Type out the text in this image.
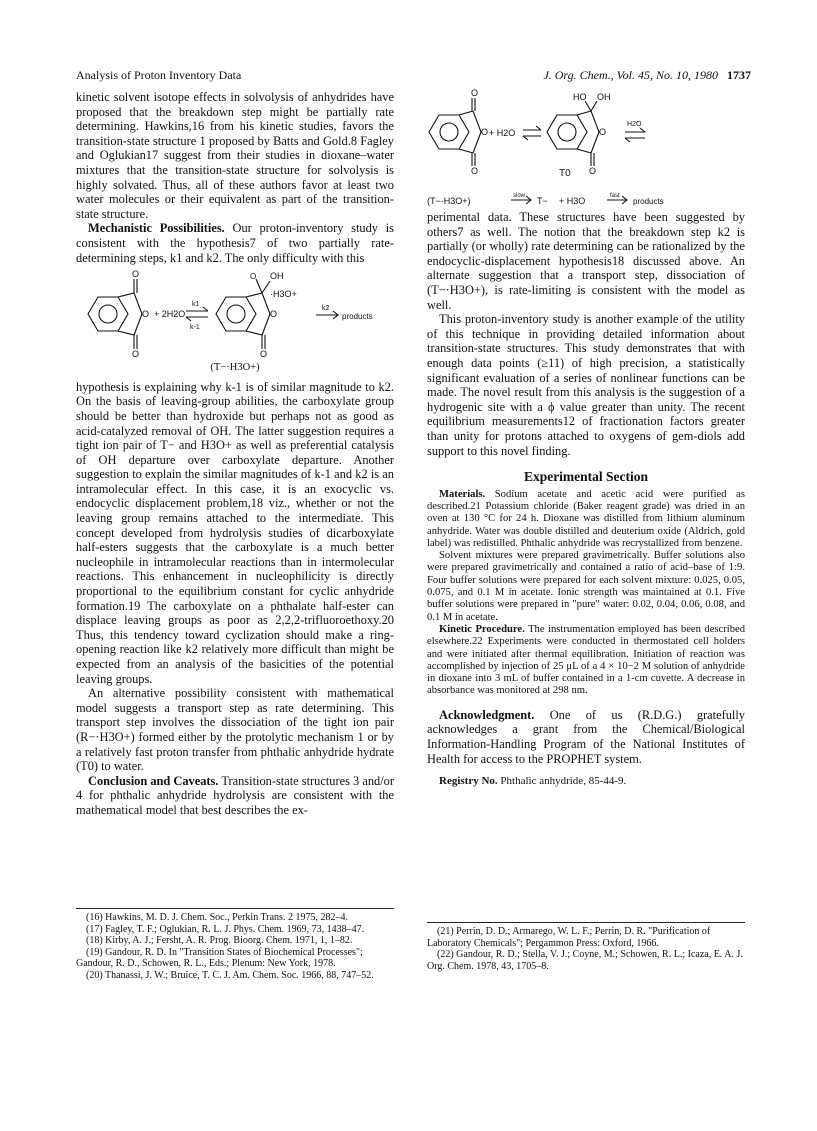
Analysis of Proton Inventory Data	J. Org. Chem., Vol. 45, No. 10, 1980 1737

kinetic solvent isotope effects in solvolysis of anhydrides have proposed that the breakdown step might be partially rate determining. Hawkins,16 from his kinetic studies, favors the transition-state structure 1 proposed by Batts and Gold.8 Fagley and Oglukian17 suggest from their studies in dioxane–water mixtures that the transition-state structure for solvolysis is highly solvated. Thus, all of these authors favor at least two water molecules or their equivalent as part of the transition-state structure.

Mechanistic Possibilities. Our proton-inventory study is consistent with the hypothesis7 of two partially rate-determining steps, k1 and k2. The only difficulty with this

O
O
O + 2H2O
k1
k-1
O OH
·H3O+
O
O
k2
products
(T−·H3O+)

hypothesis is explaining why k-1 is of similar magnitude to k2. On the basis of leaving-group abilities, the carboxylate group should be better than hydroxide but perhaps not as good as acid-catalyzed removal of OH. The latter suggestion requires a tight ion pair of T− and H3O+ as well as preferential catalysis of OH departure over carboxylate departure. Another suggestion to explain the similar magnitudes of k-1 and k2 is an intramolecular effect. In this case, it is an exocyclic vs. endocyclic displacement problem,18 viz., whether or not the leaving group remains attached to the intermediate. This concept developed from hydrolysis studies of dicarboxylate half-esters suggests that the carboxylate is a much better nucleophile in intramolecular reactions than in intermolecular reactions. This enhancement in nucleophilicity is directly proportional to the equilibrium constant for cyclic anhydride formation.19 The carboxylate on a phthalate half-ester can displace leaving groups as poor as 2,2,2-trifluoroethoxy.20 Thus, this tendency toward cyclization should make a ring-opening reaction like k2 relatively more difficult than might be expected from an analysis of the basicities of the potential leaving groups.

An alternative possibility consistent with mathematical model suggests a transport step as rate determining. This transport step involves the dissociation of the tight ion pair (R−·H3O+) formed either by the protolytic mechanism 1 or by a relatively fast proton transfer from phthalic anhydride hydrate (T0) to water.

Conclusion and Caveats. Transition-state structures 3 and/or 4 for phthalic anhydride hydrolysis are consistent with the mathematical model that best describes the ex-

O
O
O + H2O
HO OH
O
O
H2O
T0
(T−·H3O+)	slow T− + H3O	fast
products

perimental data. These structures have been suggested by others7 as well. The notion that the breakdown step k2 is partially (or wholly) rate determining can be rationalized by the endocyclic-displacement hypothesis18 discussed above. An alternate suggestion that a transport step, dissociation of (T−·H3O+), is rate-limiting is consistent with the model as well.

This proton-inventory study is another example of the utility of this technique in providing detailed information about transition-state structures. This study demonstrates that with enough data points (≥11) of high precision, a statistically significant evaluation of a series of nonlinear functions can be made. The novel result from this analysis is the suggestion of a hydrogenic site with a ϕ value greater than unity. The recent equilibrium measurements12 of fractionation factors greater than unity for protons attached to oxygens of gem-diols add support to this novel finding.

Experimental Section

Materials. Sodium acetate and acetic acid were purified as described.21 Potassium chloride (Baker reagent grade) was dried in an oven at 130 °C for 24 h. Dioxane was distilled from lithium aluminum anhydride. Water was double distilled and deuterium oxide (Aldrich, gold label) was redistilled. Phthalic anhydride was recrystallized from benzene.

Solvent mixtures were prepared gravimetrically. Buffer solutions also were prepared gravimetrically and contained a ratio of acid–base of 1:9. Four buffer solutions were prepared for each solvent mixture: 0.025, 0.05, 0.075, and 0.1 M in acetate. Ionic strength was maintained at 0.1. Five buffer solutions were prepared in "pure" water: 0.02, 0.04, 0.06, 0.08, and 0.1 M in acetate.

Kinetic Procedure. The instrumentation employed has been described elsewhere.22 Experiments were conducted in thermostated cell holders and were initiated after thermal equilibration. Initiation of reaction was accomplished by injection of 25 μL of a 4 × 10−2 M solution of anhydride in dioxane into 3 mL of buffer contained in a 1-cm cuvette. A decrease in absorbance was monitored at 298 nm.

Acknowledgment. One of us (R.D.G.) gratefully acknowledges a grant from the Chemical/Biological Information-Handling Program of the National Institutes of Health for access to the PROPHET system.

Registry No. Phthalic anhydride, 85-44-9.
(16) Hawkins, M. D. J. Chem. Soc., Perkin Trans. 2 1975, 282–4.
(17) Fagley, T. F.; Oglukian, R. L. J. Phys. Chem. 1969, 73, 1438–47.
(18) Kirby, A. J.; Fersht, A. R. Prog. Bioorg. Chem. 1971, 1, 1–82.
(19) Gandour, R. D. In "Transition States of Biochemical Processes"; Gandour, R. D., Schowen, R. L., Eds.; Plenum: New York, 1978.
(20) Thanassi, J. W.; Bruice, T. C. J. Am. Chem. Soc. 1966, 88, 747–52.
(21) Perrin, D. D.; Armarego, W. L. F.; Perrin, D. R. "Purification of Laboratory Chemicals"; Pergammon Press: Oxford, 1966.
(22) Gandour, R. D.; Stella, V. J.; Coyne, M.; Schowen, R. L.; Icaza, E. A. J. Org. Chem. 1978, 43, 1705–8.
